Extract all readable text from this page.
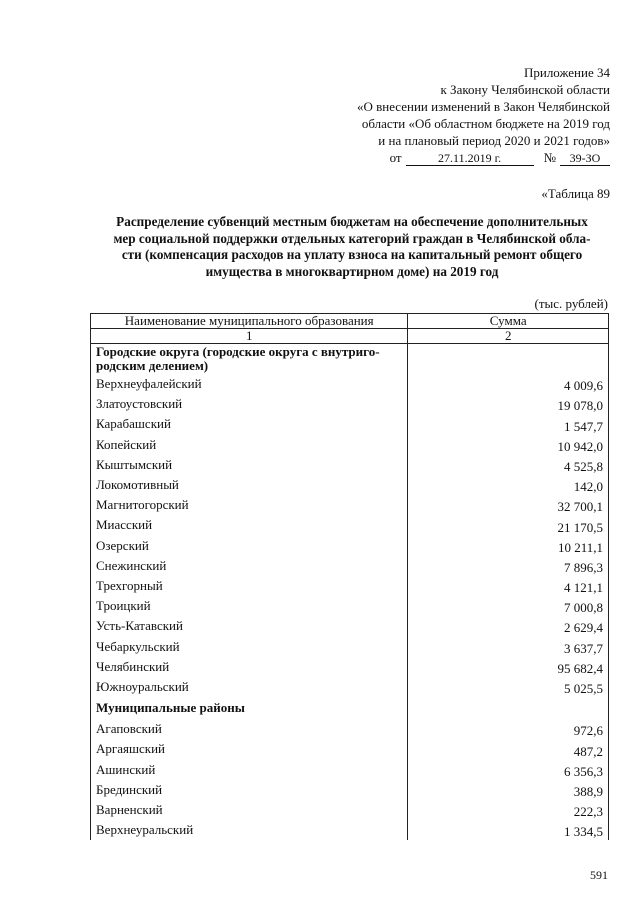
Приложение 34
к Закону Челябинской области
«О внесении изменений в Закон Челябинской
области «Об областном бюджете на 2019 год
и на плановый период 2020 и 2021 годов»
от	27.11.2019 г.	№	39-ЗО
«Таблица 89
Распределение субвенций местным бюджетам на обеспечение дополнительных
мер социальной поддержки отдельных категорий граждан в Челябинской обла-
сти (компенсация расходов на уплату взноса на капитальный ремонт общего
имущества в многоквартирном доме) на 2019 год
(тыс. рублей)
Наименование муниципального образования	Сумма
1	2
Городские округа (городские округа с внутриго-родским делением)	
Верхнеуфалейский	4 009,6
Златоустовский	19 078,0
Карабашский	1 547,7
Копейский	10 942,0
Кыштымский	4 525,8
Локомотивный	142,0
Магнитогорский	32 700,1
Миасский	21 170,5
Озерский	10 211,1
Снежинский	7 896,3
Трехгорный	4 121,1
Троицкий	7 000,8
Усть-Катавский	2 629,4
Чебаркульский	3 637,7
Челябинский	95 682,4
Южноуральский	5 025,5
Муниципальные районы	
Агаповский	972,6
Аргаяшский	487,2
Ашинский	6 356,3
Брединский	388,9
Варненский	222,3
Верхнеуральский	1 334,5
591
